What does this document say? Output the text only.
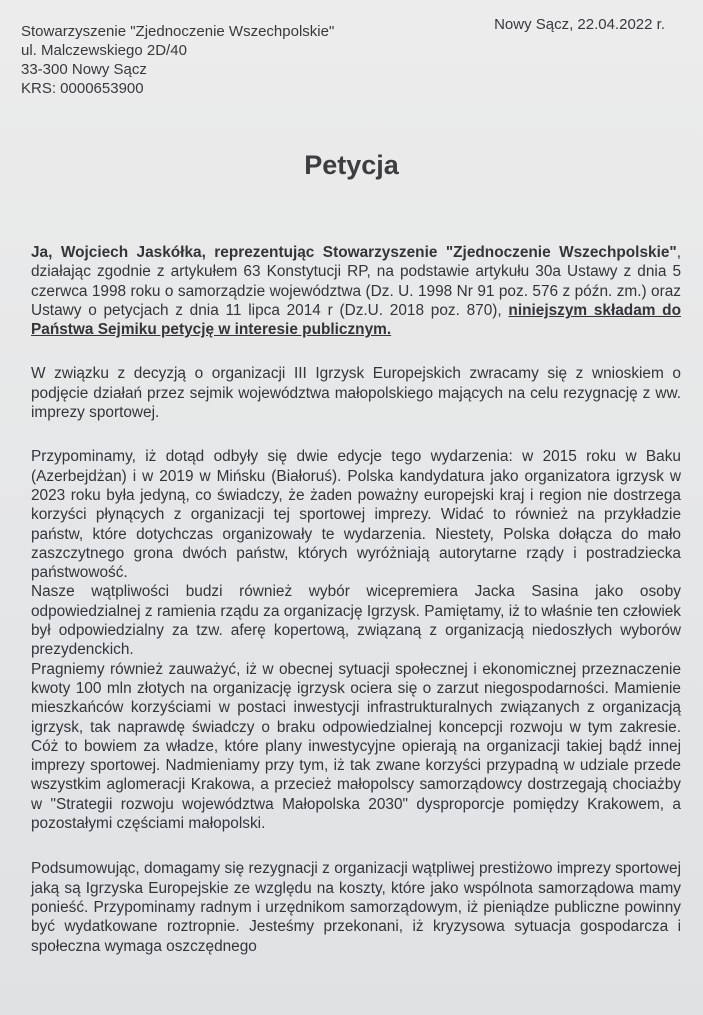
Stowarzyszenie "Zjednoczenie Wszechpolskie"
ul. Malczewskiego 2D/40
33-300 Nowy Sącz
KRS: 0000653900
Nowy Sącz, 22.04.2022 r.
Petycja

Ja, Wojciech Jaskółka, reprezentując Stowarzyszenie "Zjednoczenie Wszechpolskie", działając zgodnie z artykułem 63 Konstytucji RP, na podstawie artykułu 30a Ustawy z dnia 5 czerwca 1998 roku o samorządzie województwa (Dz. U. 1998 Nr 91 poz. 576 z późn. zm.) oraz Ustawy o petycjach z dnia 11 lipca 2014 r (Dz.U. 2018 poz. 870), niniejszym składam do Państwa Sejmiku petycję w interesie publicznym.

W związku z decyzją o organizacji III Igrzysk Europejskich zwracamy się z wnioskiem o podjęcie działań przez sejmik województwa małopolskiego mających na celu rezygnację z ww. imprezy sportowej.

Przypominamy, iż dotąd odbyły się dwie edycje tego wydarzenia: w 2015 roku w Baku (Azerbejdżan) i w 2019 w Mińsku (Białoruś). Polska kandydatura jako organizatora igrzysk w 2023 roku była jedyną, co świadczy, że żaden poważny europejski kraj i region nie dostrzega korzyści płynących z organizacji tej sportowej imprezy. Widać to również na przykładzie państw, które dotychczas organizowały te wydarzenia. Niestety, Polska dołącza do mało zaszczytnego grona dwóch państw, których wyróżniają autorytarne rządy i postradziecka państwowość.

Nasze wątpliwości budzi również wybór wicepremiera Jacka Sasina jako osoby odpowiedzialnej z ramienia rządu za organizację Igrzysk. Pamiętamy, iż to właśnie ten człowiek był odpowiedzialny za tzw. aferę kopertową, związaną z organizacją niedoszłych wyborów prezydenckich.

Pragniemy również zauważyć, iż w obecnej sytuacji społecznej i ekonomicznej przeznaczenie kwoty 100 mln złotych na organizację igrzysk ociera się o zarzut niegospodarności. Mamienie mieszkańców korzyściami w postaci inwestycji infrastrukturalnych związanych z organizacją igrzysk, tak naprawdę świadczy o braku odpowiedzialnej koncepcji rozwoju w tym zakresie. Cóż to bowiem za władze, które plany inwestycyjne opierają na organizacji takiej bądź innej imprezy sportowej. Nadmieniamy przy tym, iż tak zwane korzyści przypadną w udziale przede wszystkim aglomeracji Krakowa, a przecież małopolscy samorządowcy dostrzegają chociażby w "Strategii rozwoju województwa Małopolska 2030" dysproporcje pomiędzy Krakowem, a pozostałymi częściami małopolski.

Podsumowując, domagamy się rezygnacji z organizacji wątpliwej prestiżowo imprezy sportowej jaką są Igrzyska Europejskie ze względu na koszty, które jako wspólnota samorządowa mamy ponieść. Przypominamy radnym i urzędnikom samorządowym, iż pieniądze publiczne powinny być wydatkowane roztropnie. Jesteśmy przekonani, iż kryzysowa sytuacja gospodarcza i społeczna wymaga oszczędnego
